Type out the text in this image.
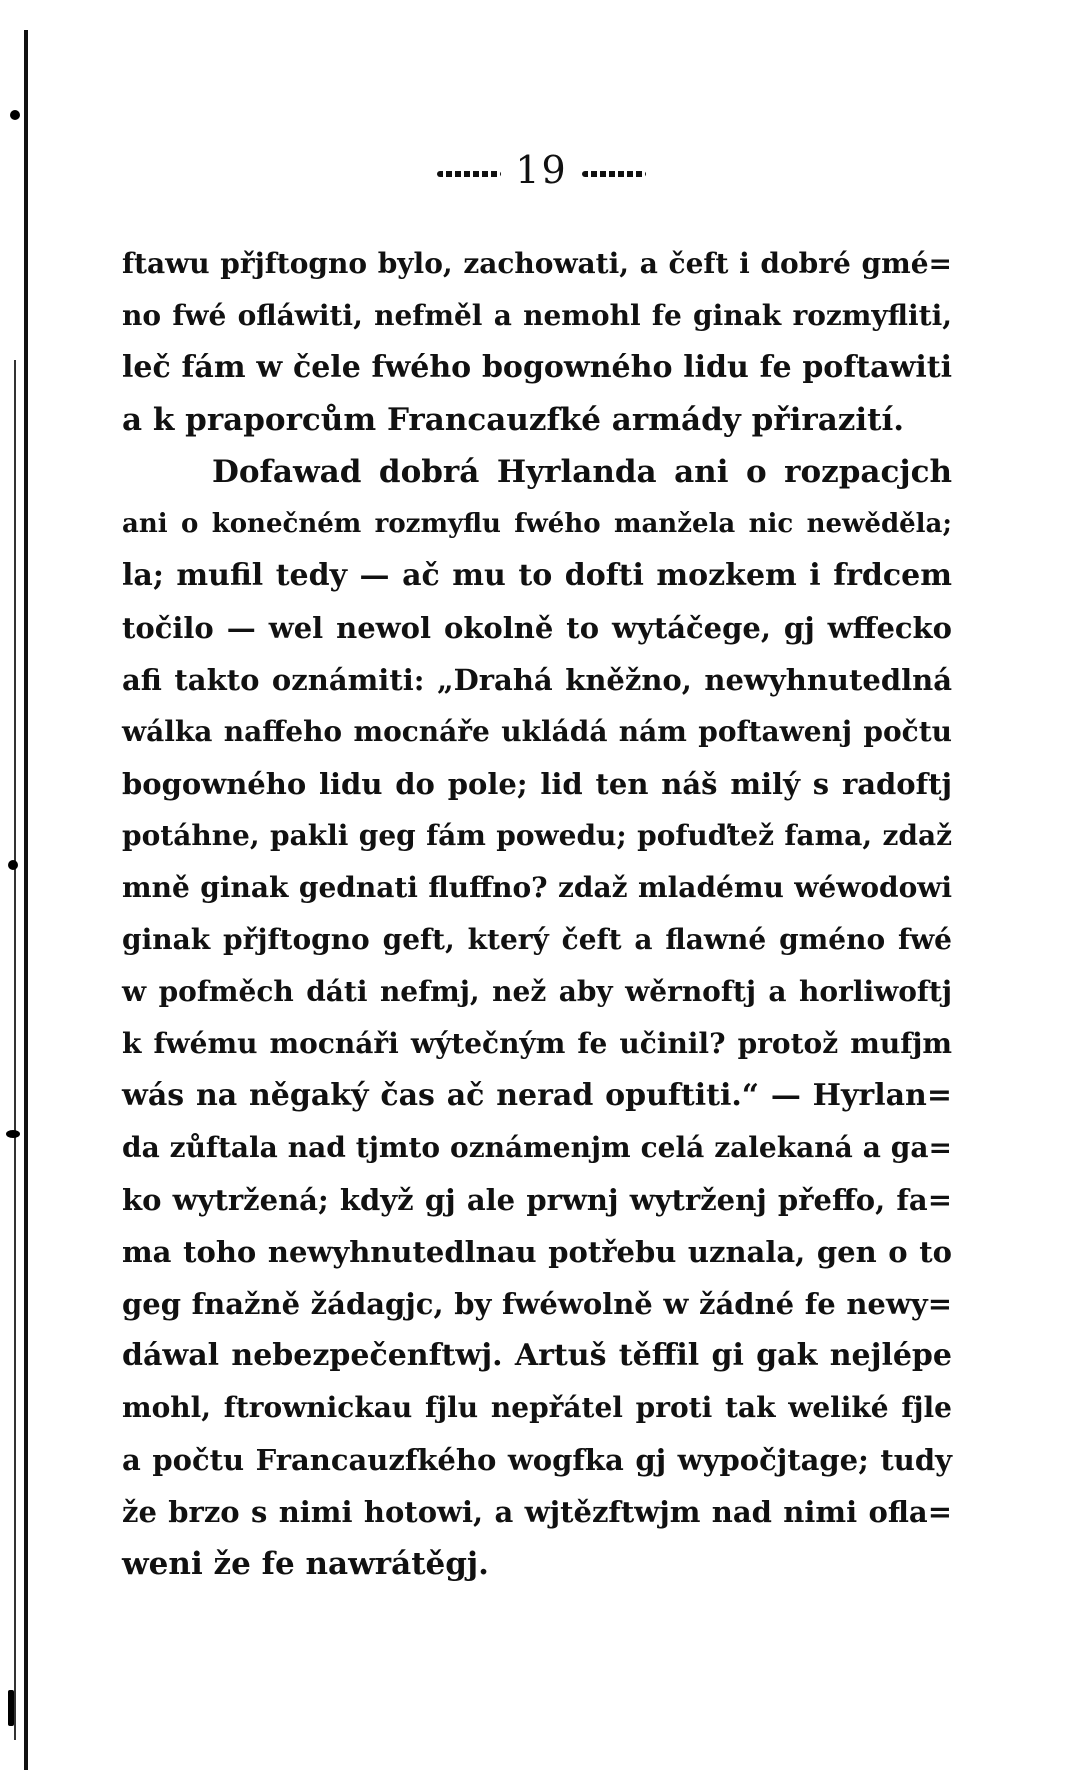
19
ftawu přjftogno bylo, zachowati, a čeft i dobré gmé=
no fwé ofláwiti, nefměl a nemohl fe ginak rozmyfliti,
leč fám w čele fwého bogowného lidu fe poftawiti
a k praporcům Francauzfké armády přirazití.
Dofawad dobrá Hyrlanda ani o rozpacjch
ani o konečném rozmyflu fwého manžela nic newěděla;
la; mufil tedy — ač mu to dofti mozkem i frdcem
točilo — wel newol okolně to wytáčege, gj wffecko
afi takto oznámiti: „Drahá kněžno, newyhnutedlná
wálka naffeho mocnáře ukládá nám poftawenj počtu
bogowného lidu do pole; lid ten náš milý s radoftj
potáhne, pakli geg fám powedu; pofuďtež fama, zdaž
mně ginak gednati fluffno? zdaž mladému wéwodowi
ginak přjftogno geft, který čeft a flawné gméno fwé
w pofměch dáti nefmj, než aby wěrnoftj a horliwoftj
k fwému mocnáři wýtečným fe učinil? protož mufjm
wás na něgaký čas ač nerad opuftiti.“ — Hyrlan=
da zůftala nad tjmto oznámenjm celá zalekaná a ga=
ko wytržená; když gj ale prwnj wytrženj přeffo, fa=
ma toho newyhnutedlnau potřebu uznala, gen o to
geg fnažně žádagjc, by fwéwolně w žádné fe newy=
dáwal nebezpečenftwj. Artuš těffil gi gak nejlépe
mohl, ftrownickau fjlu nepřátel proti tak weliké fjle
a počtu Francauzfkého wogfka gj wypočjtage; tudy
že brzo s nimi hotowi, a wjtězftwjm nad nimi ofla=
weni že fe nawrátěgj.
